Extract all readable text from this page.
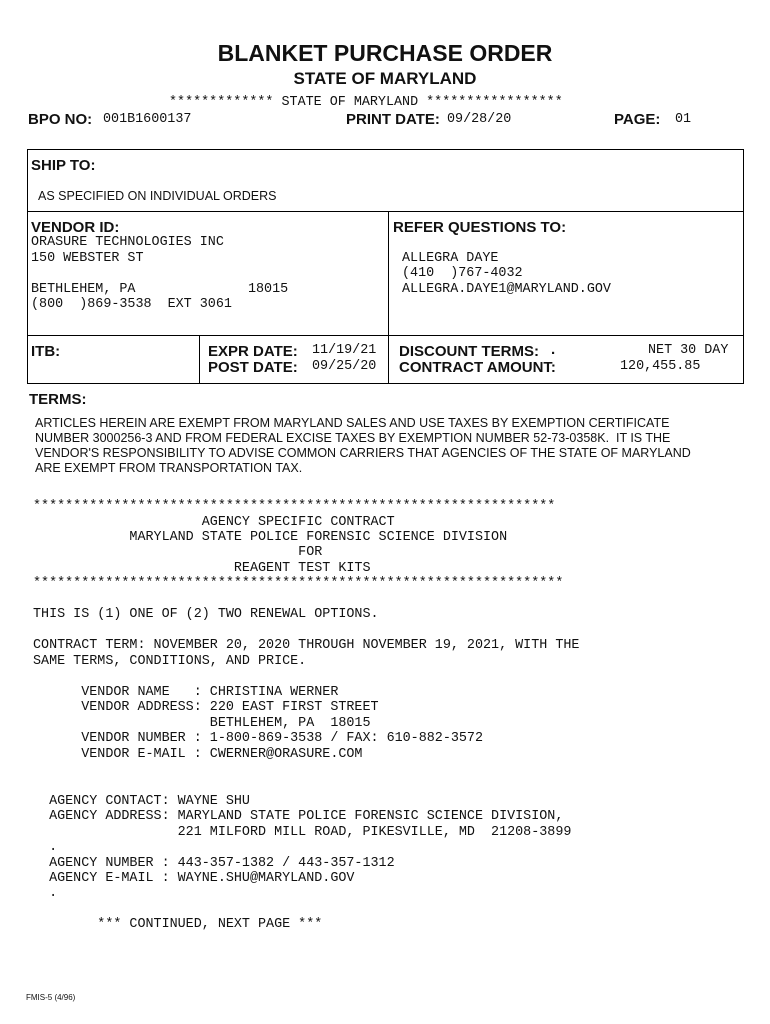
BLANKET PURCHASE ORDER
STATE OF MARYLAND
************* STATE OF MARYLAND *****************
BPO NO: 001B1600137	PRINT DATE: 09/28/20	PAGE: 01
SHIP TO:
AS SPECIFIED ON INDIVIDUAL ORDERS
VENDOR ID:
ORASURE TECHNOLOGIES INC
150 WEBSTER ST
BETHLEHEM, PA              18015
(800  )869-3538  EXT 3061
REFER QUESTIONS TO:
ALLEGRA DAYE
(410  )767-4032
ALLEGRA.DAYE1@MARYLAND.GOV
ITB:	EXPR DATE: 11/19/21
POST DATE: 09/25/20
DISCOUNT TERMS: .	NET 30 DAY
CONTRACT AMOUNT:	120,455.85
TERMS:
ARTICLES HEREIN ARE EXEMPT FROM MARYLAND SALES AND USE TAXES BY EXEMPTION CERTIFICATE
NUMBER 3000256-3 AND FROM FEDERAL EXCISE TAXES BY EXEMPTION NUMBER 52-73-0358K.  IT IS THE
VENDOR'S RESPONSIBILITY TO ADVISE COMMON CARRIERS THAT AGENCIES OF THE STATE OF MARYLAND
ARE EXEMPT FROM TRANSPORTATION TAX.
*****************************************************************
AGENCY SPECIFIC CONTRACT
MARYLAND STATE POLICE FORENSIC SCIENCE DIVISION
FOR
REAGENT TEST KITS
******************************************************************
THIS IS (1) ONE OF (2) TWO RENEWAL OPTIONS.
CONTRACT TERM: NOVEMBER 20, 2020 THROUGH NOVEMBER 19, 2021, WITH THE
SAME TERMS, CONDITIONS, AND PRICE.
VENDOR NAME   : CHRISTINA WERNER
VENDOR ADDRESS: 220 EAST FIRST STREET
BETHLEHEM, PA  18015
VENDOR NUMBER : 1-800-869-3538 / FAX: 610-882-3572
VENDOR E-MAIL : CWERNER@ORASURE.COM
AGENCY CONTACT: WAYNE SHU
AGENCY ADDRESS: MARYLAND STATE POLICE FORENSIC SCIENCE DIVISION,
221 MILFORD MILL ROAD, PIKESVILLE, MD  21208-3899
.
AGENCY NUMBER : 443-357-1382 / 443-357-1312
AGENCY E-MAIL : WAYNE.SHU@MARYLAND.GOV
.
*** CONTINUED, NEXT PAGE ***
FMIS-5 (4/96)
